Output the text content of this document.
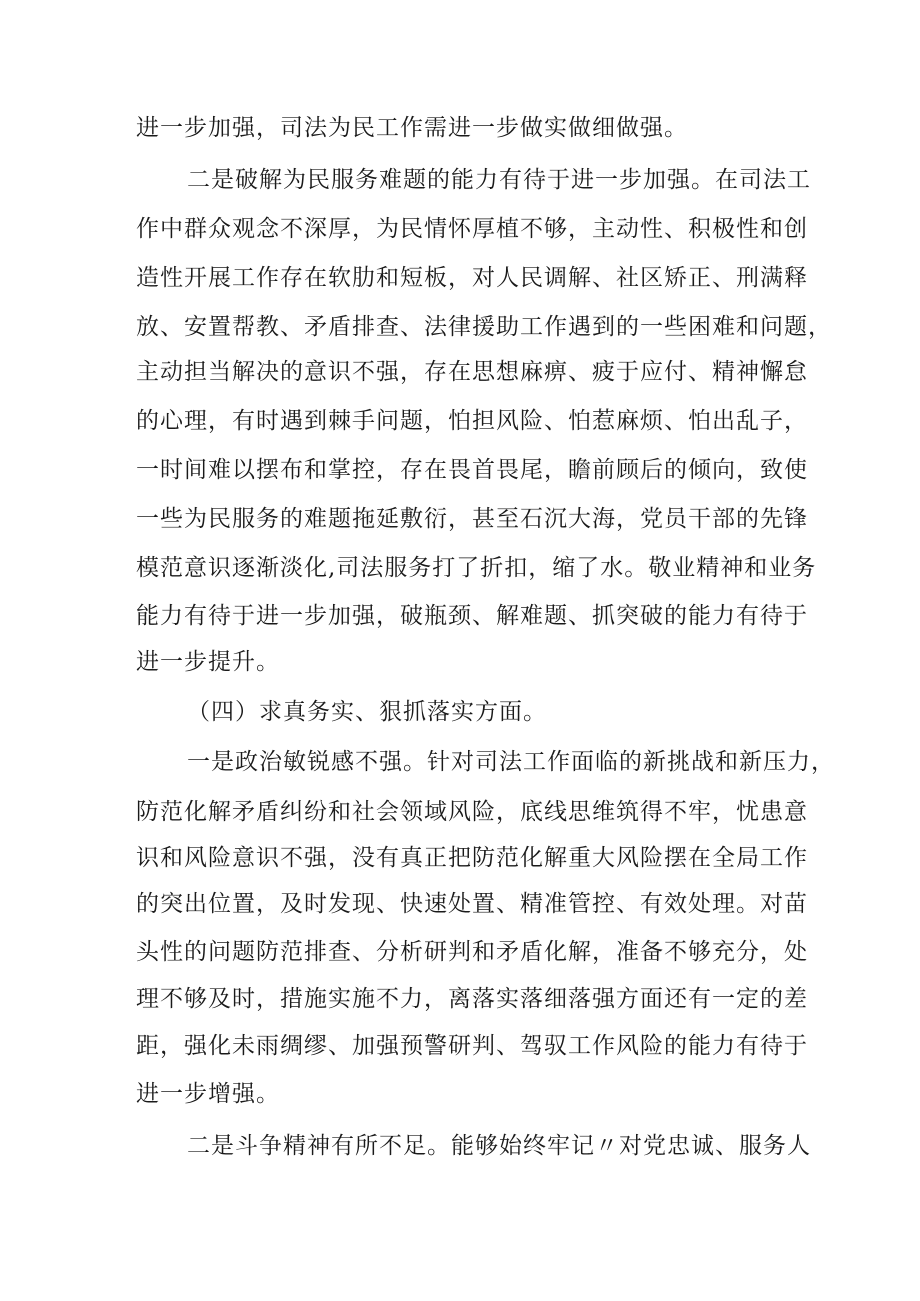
进一步加强，司法为民工作需进一步做实做细做强。
二是破解为民服务难题的能力有待于进一步加强。在司法工
作中群众观念不深厚，为民情怀厚植不够，主动性、积极性和创
造性开展工作存在软肋和短板，对人民调解、社区矫正、刑满释
放、安置帮教、矛盾排查、法律援助工作遇到的一些困难和问题，
主动担当解决的意识不强，存在思想麻痹、疲于应付、精神懈怠
的心理，有时遇到棘手问题，怕担风险、怕惹麻烦、怕出乱子，
一时间难以摆布和掌控，存在畏首畏尾，瞻前顾后的倾向，致使
一些为民服务的难题拖延敷衍，甚至石沉大海，党员干部的先锋
模范意识逐渐淡化,司法服务打了折扣，缩了水。敬业精神和业务
能力有待于进一步加强，破瓶颈、解难题、抓突破的能力有待于
进一步提升。
（四）求真务实、狠抓落实方面。
一是政治敏锐感不强。针对司法工作面临的新挑战和新压力，
防范化解矛盾纠纷和社会领域风险，底线思维筑得不牢，忧患意
识和风险意识不强，没有真正把防范化解重大风险摆在全局工作
的突出位置，及时发现、快速处置、精准管控、有效处理。对苗
头性的问题防范排查、分析研判和矛盾化解，准备不够充分，处
理不够及时，措施实施不力，离落实落细落强方面还有一定的差
距，强化未雨绸缪、加强预警研判、驾驭工作风险的能力有待于
进一步增强。
二是斗争精神有所不足。能够始终牢记〃对党忠诚、服务人
